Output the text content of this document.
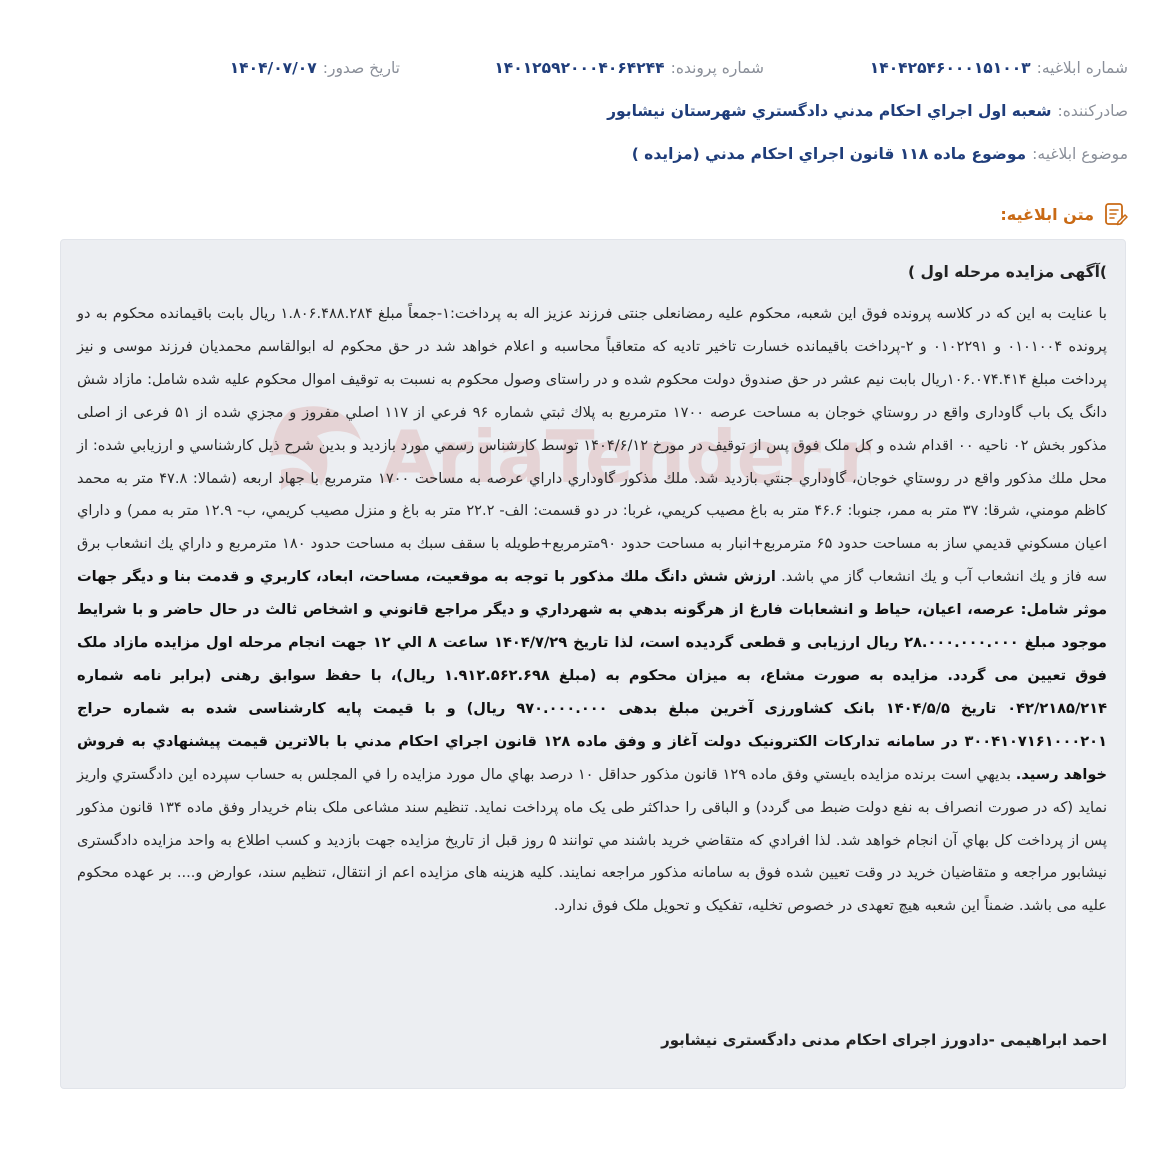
شماره ابلاغیه:
۱۴۰۴۲۵۴۶۰۰۰۱۵۱۰۰۳
شماره پرونده:
۱۴۰۱۲۵۹۲۰۰۰۴۰۶۴۲۴۴
تاریخ صدور:
۱۴۰۴/۰۷/۰۷
صادرکننده:
شعبه اول اجراي احكام مدني دادگستري شهرستان نيشابور
موضوع ابلاغیه:
موضوع ماده ۱۱۸ قانون اجراي احكام مدني (مزايده )
متن ابلاغیه:
AriaTender.
)آگهی مزایده مرحله اول )
با عنایت به این که در کلاسه پرونده فوق این شعبه، محکوم علیه رمضانعلی جنتی فرزند عزیز اله به پرداخت:۱-جمعاً مبلغ ۱.۸۰۶.۴۸۸.۲۸۴ ریال بابت باقیمانده محکوم به دو پرونده ۰۱۰۱۰۰۴ و ۰۱۰۲۲۹۱ و ۲-پرداخت باقیمانده خسارت تاخیر تادیه که متعاقباً محاسبه و اعلام خواهد شد در حق محکوم له ابوالقاسم محمدیان فرزند موسی و نیز پرداخت مبلغ ۱۰۶.۰۷۴.۴۱۴ریال بابت نیم عشر در حق صندوق دولت محکوم شده و در راستای وصول محکوم به نسبت به توقیف اموال محکوم علیه شده شامل: مازاد شش دانگ یک باب گاوداری واقع در روستاي خوجان به مساحت عرصه ۱۷۰۰ مترمربع به پلاك ثبتي شماره ۹۶ فرعي از ۱۱۷ اصلي مفروز و مجزي شده از ۵۱ فرعی از اصلی مذکور بخش ۰۲ ناحيه ۰۰ اقدام شده و کل ملک فوق پس از توقیف در مورخ ۱۴۰۴/۶/۱۲ توسط کارشناس رسمي مورد بازديد و بدين شرح ذيل کارشناسي و ارزيابي شده: از محل ملك مذكور واقع در روستاي خوجان، گاوداري جنتي بازديد شد. ملك مذكور گاوداري داراي عرصه به مساحت ۱۷۰۰ مترمربع با جهاد اربعه (شمالا: ۴۷.۸ متر به محمد كاظم مومني، شرقا: ۳۷ متر به ممر، جنوبا: ۴۶.۶ متر به باغ مصيب كريمي، غربا: در دو قسمت: الف- ۲۲.۲ متر به باغ و منزل مصيب كريمي، ب- ۱۲.۹ متر به ممر) و داراي اعيان مسكوني قديمي ساز به مساحت حدود ۶۵ مترمربع+انبار به مساحت حدود ۹۰مترمربع+طويله با سقف سبك به مساحت حدود ۱۸۰ مترمربع و داراي يك انشعاب برق سه فاز و يك انشعاب آب و يك انشعاب گاز مي باشد. ارزش شش دانگ ملك مذكور با توجه به موقعيت، مساحت، ابعاد، كاربري و قدمت بنا و ديگر جهات موثر شامل: عرصه، اعيان، حياط و انشعابات فارغ از هرگونه بدهي به شهرداري و ديگر مراجع قانوني و اشخاص ثالث در حال حاضر و با شرايط موجود مبلغ ۲۸.۰۰۰.۰۰۰.۰۰۰ ريال ارزيابی و قطعی گردیده است، لذا تاريخ ۱۴۰۴/۷/۲۹ ساعت ۸ الي ۱۲ جهت انجام مرحله اول مزایده مازاد ملک فوق تعیین می گردد. مزایده به صورت مشاع، به میزان محکوم به (مبلغ ۱.۹۱۲.۵۶۲.۶۹۸ ریال)، با حفظ سوابق رهنی (برابر نامه شماره ۰۴۲/۲۱۸۵/۲۱۴ تاریخ ۱۴۰۴/۵/۵ بانک کشاورزی آخرین مبلغ بدهی ۹۷۰.۰۰۰.۰۰۰ ریال) و با قیمت پایه کارشناسی شده به شماره حراج ۳۰۰۴۱۰۷۱۶۱۰۰۰۲۰۱ در سامانه تداركات الكترونيک دولت آغاز و وفق ماده ۱۲۸ قانون اجراي احكام مدني با بالاترين قيمت پيشنهادي به فروش خواهد رسيد. بديهي است برنده مزايده بايستي وفق ماده ۱۲۹ قانون مذكور حداقل ۱۰ درصد بهاي مال مورد مزايده را في المجلس به حساب سپرده اين دادگستري واريز نمايد (كه در صورت انصراف به نفع دولت ضبط می گردد) و الباقی را حداکثر طی یک ماه پرداخت نماید. تنظیم سند مشاعی ملک بنام خريدار وفق ماده ۱۳۴ قانون مذكور پس از پرداخت كل بهاي آن انجام خواهد شد. لذا افرادي كه متقاضي خريد باشند مي توانند ۵ روز قبل از تاريخ مزايده جهت بازديد و کسب اطلاع به واحد مزايده دادگستری نیشابور مراجعه و متقاضيان خريد در وقت تعيين شده فوق به سامانه مذكور مراجعه نمايند. کلیه هزینه های مزایده اعم از انتقال، تنظیم سند، عوارض و.... بر عهده محکوم علیه می باشد. ضمناً این شعبه هیچ تعهدی در خصوص تخلیه، تفکیک و تحویل ملک فوق ندارد.
احمد ابراهیمی -دادورز اجرای احکام مدنی دادگستری نیشابور
